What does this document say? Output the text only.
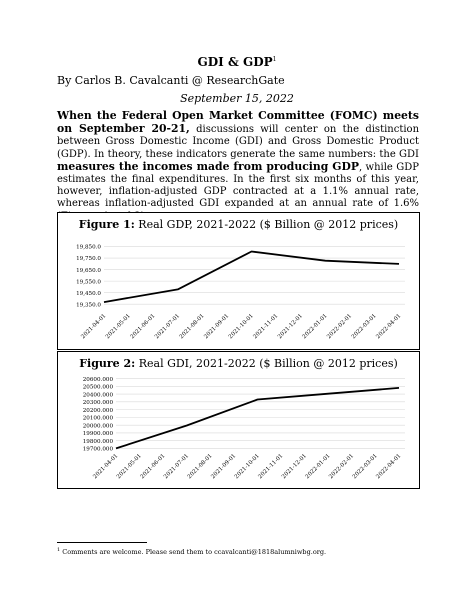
GDI & GDP$^1$
By Carlos B. Cavalcanti @ ResearchGate
September 15, 2022
When the Federal Open Market Committee (FOMC) meets on September 20-21, discussions will center on the distinction between Gross Domestic Income (GDI) and Gross Domestic Product (GDP). In theory, these indicators generate the same numbers: the GDI measures the incomes made from producing GDP, while GDP estimates the final expenditures. In the first six months of this year, however, inflation-adjusted GDP contracted at a 1.1% annual rate, whereas inflation-adjusted GDI expanded at an annual rate of 1.6%
Figure 1: Real GDP, 2021-2022 ($ Billion @ 2012 prices)
19,350.0
19,450.0
19,550.0
19,650.0
19,750.0
19,850.0
2021-04-01
2021-05-01
2021-06-01
2021-07-01
2021-08-01
2021-09-01
2021-10-01
2021-11-01
2021-12-01
2022-01-01
2022-02-01
2022-03-01
2022-04-01
Figure 2: Real GDI, 2021-2022 ($ Billion @ 2012 prices)
19700.000
19800.000
19900.000
20000.000
20100.000
20200.000
20300.000
20400.000
20500.000
20600.000
2021-04-01
2021-05-01
2021-06-01
2021-07-01
2021-08-01
2021-09-01
2021-10-01
2021-11-01
2021-12-01
2022-01-01
2022-02-01
2022-03-01
2022-04-01
$^1$ Comments are welcome. Please send them to ccavalcanti@1818alumniwbg.org.
